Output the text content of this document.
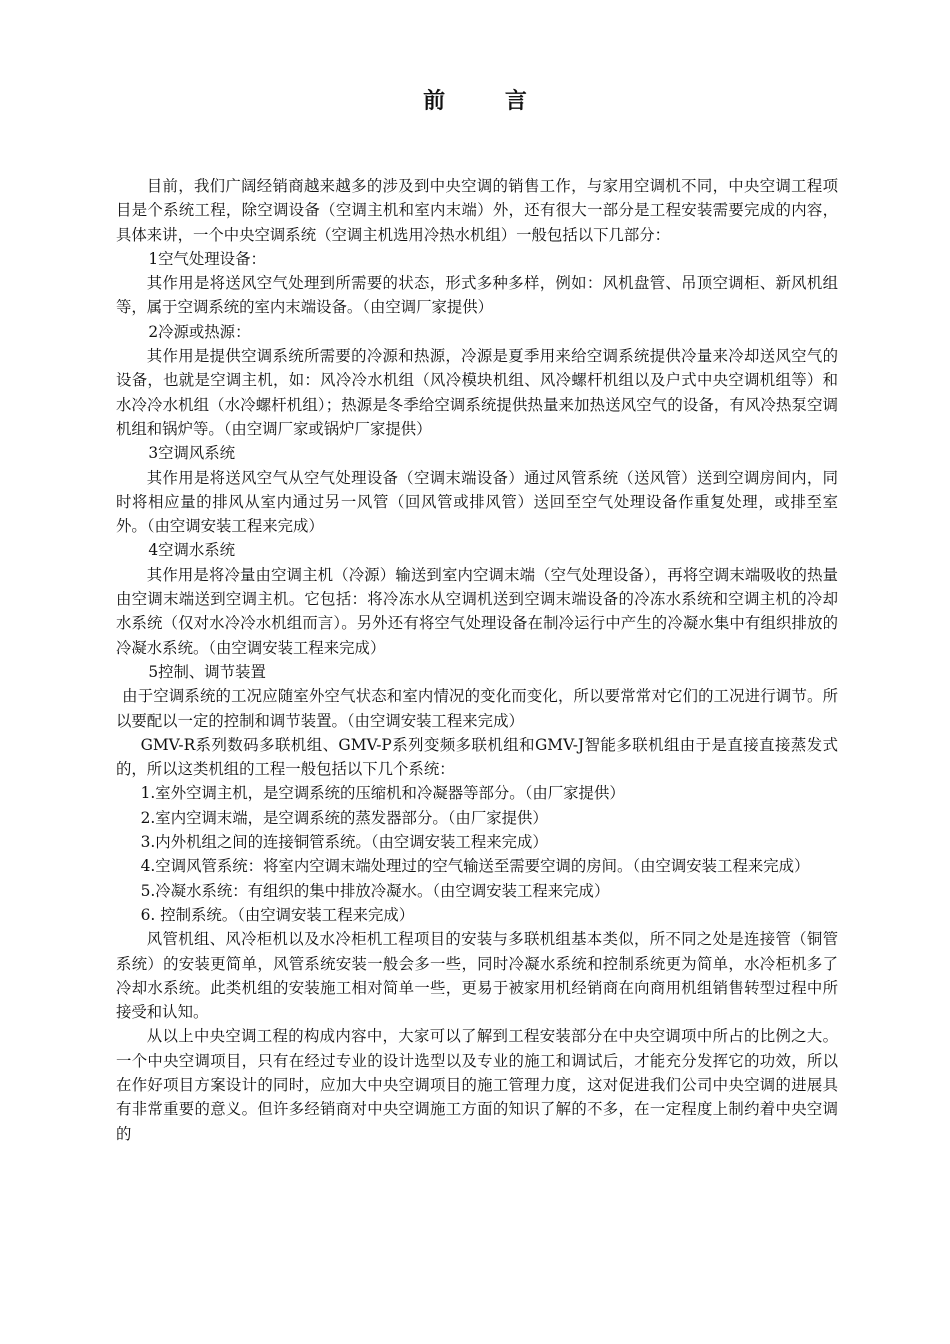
前 言

目前，我们广阔经销商越来越多的涉及到中央空调的销售工作，与家用空调机不同，中央空调工程项目是个系统工程，除空调设备（空调主机和室内末端）外，还有很大一部分是工程安装需要完成的内容，具体来讲，一个中央空调系统（空调主机选用冷热水机组）一般包括以下几部分：

1空气处理设备：

其作用是将送风空气处理到所需要的状态，形式多种多样，例如：风机盘管、吊顶空调柜、新风机组等，属于空调系统的室内末端设备。（由空调厂家提供）

2冷源或热源：

其作用是提供空调系统所需要的冷源和热源，冷源是夏季用来给空调系统提供冷量来冷却送风空气的设备，也就是空调主机，如：风冷冷水机组（风冷模块机组、风冷螺杆机组以及户式中央空调机组等）和水冷冷水机组（水冷螺杆机组）；热源是冬季给空调系统提供热量来加热送风空气的设备，有风冷热泵空调机组和锅炉等。（由空调厂家或锅炉厂家提供）

3空调风系统

其作用是将送风空气从空气处理设备（空调末端设备）通过风管系统（送风管）送到空调房间内，同时将相应量的排风从室内通过另一风管（回风管或排风管）送回至空气处理设备作重复处理，或排至室外。（由空调安装工程来完成）

4空调水系统

其作用是将冷量由空调主机（冷源）输送到室内空调末端（空气处理设备），再将空调末端吸收的热量由空调末端送到空调主机。它包括：将冷冻水从空调机送到空调末端设备的冷冻水系统和空调主机的冷却水系统（仅对水冷冷水机组而言）。另外还有将空气处理设备在制冷运行中产生的冷凝水集中有组织排放的冷凝水系统。（由空调安装工程来完成）

5控制、调节装置

由于空调系统的工况应随室外空气状态和室内情况的变化而变化，所以要常常对它们的工况进行调节。所以要配以一定的控制和调节装置。（由空调安装工程来完成）

GMV-R系列数码多联机组、GMV-P系列变频多联机组和GMV-J智能多联机组由于是直接直接蒸发式的，所以这类机组的工程一般包括以下几个系统：

1.室外空调主机，是空调系统的压缩机和冷凝器等部分。（由厂家提供）

2.室内空调末端，是空调系统的蒸发器部分。（由厂家提供）

3.内外机组之间的连接铜管系统。（由空调安装工程来完成）

4.空调风管系统：将室内空调末端处理过的空气输送至需要空调的房间。（由空调安装工程来完成）

5.冷凝水系统：有组织的集中排放冷凝水。（由空调安装工程来完成）

6. 控制系统。（由空调安装工程来完成）

风管机组、风冷柜机以及水冷柜机工程项目的安装与多联机组基本类似，所不同之处是连接管（铜管系统）的安装更简单，风管系统安装一般会多一些，同时冷凝水系统和控制系统更为简单，水冷柜机多了冷却水系统。此类机组的安装施工相对简单一些，更易于被家用机经销商在向商用机组销售转型过程中所接受和认知。

从以上中央空调工程的构成内容中，大家可以了解到工程安装部分在中央空调项中所占的比例之大。一个中央空调项目，只有在经过专业的设计选型以及专业的施工和调试后，才能充分发挥它的功效，所以在作好项目方案设计的同时，应加大中央空调项目的施工管理力度，这对促进我们公司中央空调的进展具有非常重要的意义。但许多经销商对中央空调施工方面的知识了解的不多，在一定程度上制约着中央空调的
